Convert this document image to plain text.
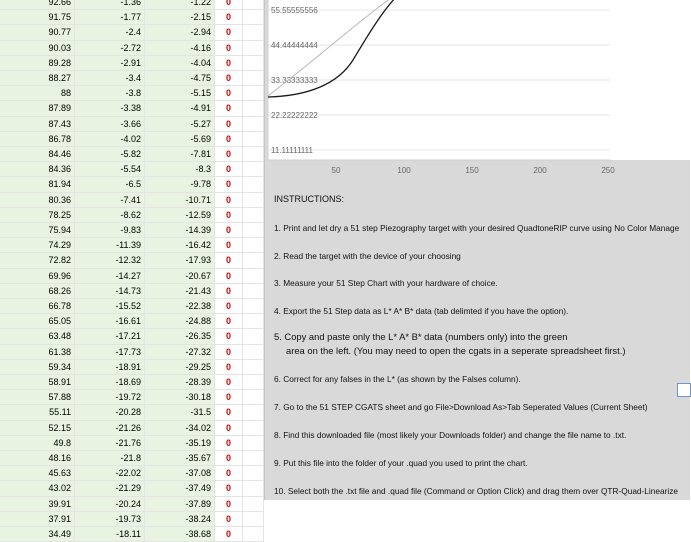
92.66	-1.36	-1.22	0
91.75	-1.77	-2.15	0
90.77	-2.4	-2.94	0
90.03	-2.72	-4.16	0
89.28	-2.91	-4.04	0
88.27	-3.4	-4.75	0
88	-3.8	-5.15	0
87.89	-3.38	-4.91	0
87.43	-3.66	-5.27	0
86.78	-4.02	-5.69	0
84.46	-5.82	-7.81	0
84.36	-5.54	-8.3	0
81.94	-6.5	-9.78	0
80.36	-7.41	-10.71	0
78.25	-8.62	-12.59	0
75.94	-9.83	-14.39	0
74.29	-11.39	-16.42	0
72.82	-12.32	-17.93	0
69.96	-14.27	-20.67	0
68.26	-14.73	-21.43	0
66.78	-15.52	-22.38	0
65.05	-16.61	-24.88	0
63.48	-17.21	-26.35	0
61.38	-17.73	-27.32	0
59.34	-18.91	-29.25	0
58.91	-18.69	-28.39	0
57.88	-19.72	-30.18	0
55.11	-20.28	-31.5	0
52.15	-21.26	-34.02	0
49.8	-21.76	-35.19	0
48.16	-21.8	-35.67	0
45.63	-22.02	-37.08	0
43.02	-21.29	-37.49	0
39.91	-20.24	-37.89	0
37.91	-19.73	-38.24	0
34.49	-18.11	-38.68	0
55.55555556
44.44444444
33.33333333
22.22222222
11.11111111
50	100	150	200	250
INSTRUCTIONS:
1. Print and let dry a 51 step Piezography target with your desired QuadtoneRIP curve using No Color Manage
2. Read the target with the device of your choosing
3. Measure your 51 Step Chart with your hardware of choice.
4. Export the 51 Step data as L* A* B* data (tab delimted if you have the option).
5. Copy and paste only the L* A* B* data (numbers only) into the green
area on the left. (You may need to open the cgats in a seperate spreadsheet first.)
6. Correct for any falses in the L* (as shown by the Falses column).
7. Go to the 51 STEP CGATS sheet and go File>Download As>Tab Seperated Values (Current Sheet)
8. Find this downloaded file (most likely your Downloads folder) and change the file name to .txt.
9. Put this file into the folder of your .quad you used to print the chart.
10. Select both the .txt file and .quad file (Command or Option Click) and drag them over QTR-Quad-Linearize
